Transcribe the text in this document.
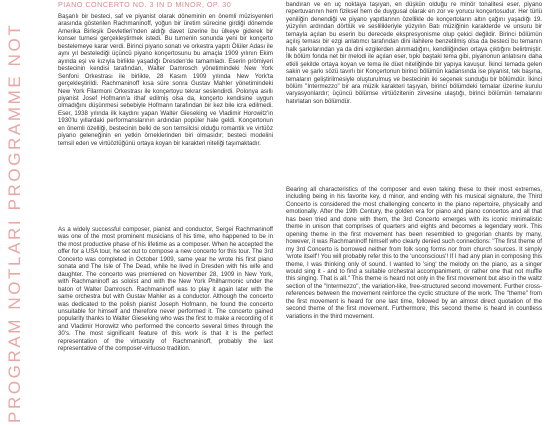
PROGRAM NOTLARI PROGRAMME NOT
PIANO CONCERTO NO. 3 IN D MINOR, OP. 30

Başarılı bir besteci, saf ve piyanist olarak döneminin en önemli müzisyenleri arasında gösterilen Rachmaninoff, yoğun bir üretim sürecine girdiği dönemde Amerika Birleşik Devletleri'nden aldığı davet üzerine bu ülkeye giderek bir konser turnesi gerçekleştirmek istedi. Bu turnenin sonunda yeni bir konçerto bestelemeye karar verdi. Birinci piyano sonatı ve orkestra yapıtı Ölüler Adası ile aynı yıl bestelediği üçüncü piyano konçertosunu bu amaçla 1909 yılının Ekim ayında eşi ve kızıyla birlikte yaşadığı Dresden'de tamamladı. Eserin prömiyeri bestecinin kendisi tarafından, Walter Damrosch yönetimindeki New York Senfoni Orkestrası ile birlikte, 28 Kasım 1909 yılında New York'ta gerçekleştirildi. Rachmaninoff kısa süre sonra Gustav Mahler yönetimindeki New York Filarmoni Orkestrası ile konçertoyu tekrar seslendirdi. Polonya asıllı piyanist Josef Hofmann'a ithaf edilmiş olsa da, konçerto kendisine uygun olmadığını düşünmesi sebebiyle Hofmann tarafından bir kez bile icra edilmedi. Eser, 1938 yılında ilk kaydını yapan Walter Gieseking ve Vladimir Horowitz'in 1930'lu yıllardaki performanslarının ardından popüler hale geldi. Konçertonun en önemli özelliği, bestecinin belki de son temsilcisi olduğu romantik ve virtüöz piyano geleneğinin en yetkin örneklerinden biri olmasıdır; besteci modelini temsil eden ve virtüözlüğünü ortaya koyan bir karakteri niteliği taşımaktadır.

As a widely successful composer, pianist and conductor, Sergei Rachmaninoff was one of the most prominent musicians of his time, who happened to be in the most productive phase of his lifetime as a composer. When he accepted the offer for a USA tour, he set out to compose a new concerto for this tour. The 3rd Concerto was completed in October 1909, same year he wrote his first piano sonata and The Isle of The Dead, while he lived in Dresden with his wife and daughter. The concerto was premiered on November 28, 1909 in New York, with Rachmaninoff as soloist and with the New York Philharmonic under the baton of Walter Damrosch. Rachmaninoff was to play it again later with the same orchestra but with Gustav Mahler as a conductor. Although the concerto was dedicated to the polish pianist Joseph Hofmann, he found the concerto unsuitable for himself and therefore never performed it. The concerto gained popularity thanks to Walter Gieseking who was the first to make a recording of it and Vladimir Horowitz who performed the concerto several times through the 30's. The most significant feature of this work is that it is the perfect representation of the virtuosity of Rachmaninoff, probably the last representative of the composer-virtuoso tradition.

bandıran ve en uç noktaya taşıyan, en düşkün olduğu re minör tonalitesi eser, piyano repertuvarının hem fiziksel hem de duygusal olarak en zor ve yorucu konçertosudur. Her türlü yeniliğin denendiği ve piyano yapıtlarının özellikle de konçertoların altın çağını yaşadığı 19. yüzyılın ardından dörtlük ve seslilikleriyle yüzyılın Batı müziğinin karakterde ve unsuru bir temayla açılan bu eserin bu derecede ekspresyonisme olup çekici değildir. Birinci bölümün açılış teması bir ezgi anlatımcı tarafından dini ilahilere benzetilmiş olsa da besteci bu temanın halk şarkılarından ya da dini ezgilerden alınmadığını, kendiliğinden ortaya çıktığını belirtmiştir. İlk bölüm fonda net bir melodi ile açılan eser, tıpkı baştaki tema gibi, piyanonun anlatısını daha etkili şekilde ortaya koyan ve tema ile düet niteliğinde bir yapıya kavuşur. İkinci temada gelen sakin ve şarkı sözü tavırlı bir Konçertonun birinci bölümün kadansında ise piyanist, tek başına, temaların geliştirilmesiyle oluşturulmuş ve bestecinin iki seçenek sunduğu bir bölümdür. İkinci bölüm "Intermezzo" bir ara müzik karakteri taşıyan, birinci bölümdeki temalar üzerine kurulu varyasyonlardır; üçüncü bölümse virtüözitenin zirvesine ulaştığı, birinci bölümün temalarını hatırlatan son bölümdür.

Bearing all characteristics of the composer and even taking these to their most extremes, including being in his favorite key, d minor, and ending with his musical signature, the Third Concerto is considered the most challenging concerto in the piano repertoire, physically and emotionally. After the 19th Century, the golden era for piano and piano concertos and all that has been tried and done with them, the 3rd Concerto emerges with its iconic minimalistic theme in unison that comprises of quarters and eights and becomes a legendary work. This opening theme in the first movement has been resembled to gregorian chants by many, however, it was Rachmaninoff himself who clearly denied such connections: "The first theme of my 3rd Concerto is borrowed neither from folk song forms nor from church sources. It simply 'wrote itself'! You will probably refer this to the 'unconscious'! If I had any plan in composing this theme, I was thinking only of sound. I wanted to 'sing' the melody on the piano, as a singer would sing it - and to find a suitable orchestral accompaniment, or rather one that not muffle this singing. That is all." This theme is heard not only in the first movement but also in the waltz section of the "Intermezzo", the variation-like, free-structured second movement. Further cross-references between the movement reinforce the cyclic structure of the work. The "theme" from the first movement is heard for one last time, followed by an almost direct quotation of the second theme of the first movement. Furthermore, this second theme is heard in countless variations in the third movement.
